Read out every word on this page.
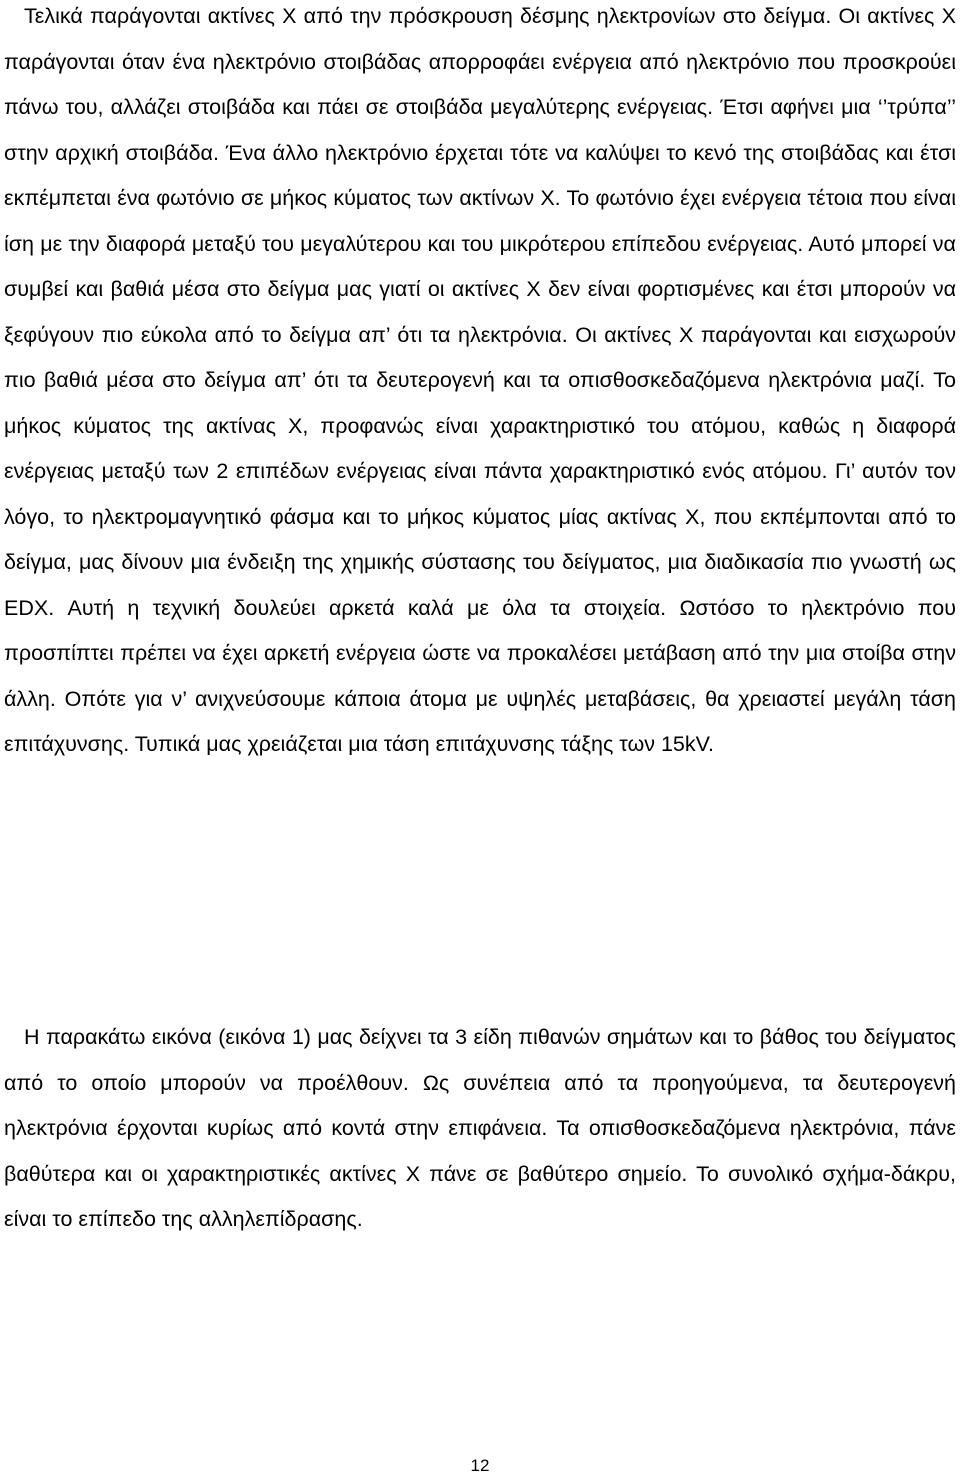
Τελικά παράγονται ακτίνες Χ από την πρόσκρουση δέσμης ηλεκτρονίων στο δείγμα. Οι ακτίνες Χ παράγονται όταν ένα ηλεκτρόνιο στοιβάδας απορροφάει ενέργεια από ηλεκτρόνιο που προσκρούει πάνω του, αλλάζει στοιβάδα και πάει σε στοιβάδα μεγαλύτερης ενέργειας. Έτσι αφήνει μια ‘’τρύπα’’ στην αρχική στοιβάδα. Ένα άλλο ηλεκτρόνιο έρχεται τότε να καλύψει το κενό της στοιβάδας και έτσι εκπέμπεται ένα φωτόνιο σε μήκος κύματος των ακτίνων Χ. Το φωτόνιο έχει ενέργεια τέτοια που είναι ίση με την διαφορά μεταξύ του μεγαλύτερου και του μικρότερου επίπεδου ενέργειας. Αυτό μπορεί να συμβεί και βαθιά μέσα στο δείγμα μας γιατί οι ακτίνες Χ δεν είναι φορτισμένες και έτσι μπορούν να ξεφύγουν πιο εύκολα από το δείγμα απ’ ότι τα ηλεκτρόνια. Οι ακτίνες Χ παράγονται και εισχωρούν πιο βαθιά μέσα στο δείγμα απ’ ότι τα δευτερογενή και τα οπισθοσκεδαζόμενα ηλεκτρόνια μαζί. Το μήκος κύματος της ακτίνας Χ, προφανώς είναι χαρακτηριστικό του ατόμου, καθώς η διαφορά ενέργειας μεταξύ των 2 επιπέδων ενέργειας είναι πάντα χαρακτηριστικό ενός ατόμου. Γι’ αυτόν τον λόγο, το ηλεκτρομαγνητικό φάσμα και το μήκος κύματος μίας ακτίνας Χ, που εκπέμπονται από το δείγμα, μας δίνουν μια ένδειξη της χημικής σύστασης του δείγματος, μια διαδικασία πιο γνωστή ως EDX. Αυτή η τεχνική δουλεύει αρκετά καλά με όλα τα στοιχεία. Ωστόσο το ηλεκτρόνιο που προσπίπτει πρέπει να έχει αρκετή ενέργεια ώστε να προκαλέσει μετάβαση από την μια στοίβα στην άλλη. Οπότε για ν’ ανιχνεύσουμε κάποια άτομα με υψηλές μεταβάσεις, θα χρειαστεί μεγάλη τάση επιτάχυνσης. Τυπικά μας χρειάζεται μια τάση επιτάχυνσης τάξης των 15kV.

Η παρακάτω εικόνα (εικόνα 1) μας δείχνει τα 3 είδη πιθανών σημάτων και το βάθος του δείγματος από το οποίο μπορούν να προέλθουν. Ως συνέπεια από τα προηγούμενα, τα δευτερογενή ηλεκτρόνια έρχονται κυρίως από κοντά στην επιφάνεια. Τα οπισθοσκεδαζόμενα ηλεκτρόνια, πάνε βαθύτερα και οι χαρακτηριστικές ακτίνες Χ πάνε σε βαθύτερο σημείο. Το συνολικό σχήμα-δάκρυ, είναι το επίπεδο της αλληλεπίδρασης.

12
